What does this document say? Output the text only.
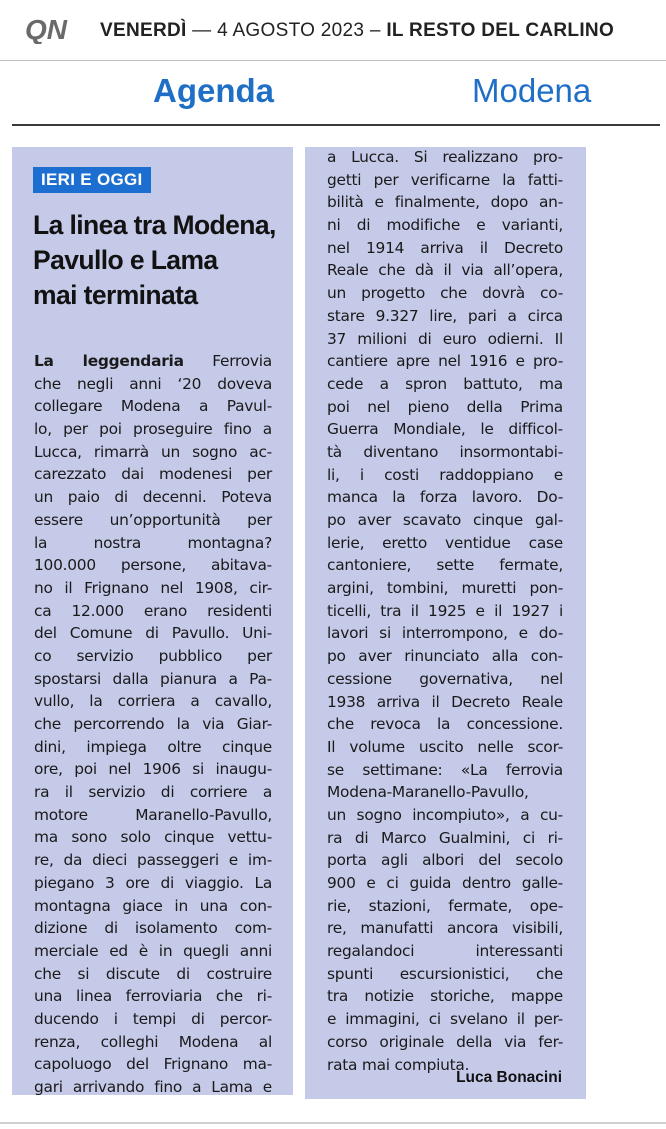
QN VENERDÌ — 4 AGOSTO 2023 – IL RESTO DEL CARLINO
Agenda	Modena
IERI E OGGI
La linea tra Modena,
Pavullo e Lama
mai terminata
La leggendaria Ferrovia
che negli anni ‘20 doveva
collegare Modena a Pavul-
lo, per poi proseguire fino a
Lucca, rimarrà un sogno ac-
carezzato dai modenesi per
un paio di decenni. Poteva
essere un’opportunità per
la nostra montagna?
100.000 persone, abitava-
no il Frignano nel 1908, cir-
ca 12.000 erano residenti
del Comune di Pavullo. Uni-
co servizio pubblico per
spostarsi dalla pianura a Pa-
vullo, la corriera a cavallo,
che percorrendo la via Giar-
dini, impiega oltre cinque
ore, poi nel 1906 si inaugu-
ra il servizio di corriere a
motore Maranello-Pavullo,
ma sono solo cinque vettu-
re, da dieci passeggeri e im-
piegano 3 ore di viaggio. La
montagna giace in una con-
dizione di isolamento com-
merciale ed è in quegli anni
che si discute di costruire
una linea ferroviaria che ri-
ducendo i tempi di percor-
renza, colleghi Modena al
capoluogo del Frignano ma-
gari arrivando fino a Lama e
a Lucca. Si realizzano pro-
getti per verificarne la fatti-
bilità e finalmente, dopo an-
ni di modifiche e varianti,
nel 1914 arriva il Decreto
Reale che dà il via all’opera,
un progetto che dovrà co-
stare 9.327 lire, pari a circa
37 milioni di euro odierni. Il
cantiere apre nel 1916 e pro-
cede a spron battuto, ma
poi nel pieno della Prima
Guerra Mondiale, le difficol-
tà diventano insormontabi-
li, i costi raddoppiano e
manca la forza lavoro. Do-
po aver scavato cinque gal-
lerie, eretto ventidue case
cantoniere, sette fermate,
argini, tombini, muretti pon-
ticelli, tra il 1925 e il 1927 i
lavori si interrompono, e do-
po aver rinunciato alla con-
cessione governativa, nel
1938 arriva il Decreto Reale
che revoca la concessione.
Il volume uscito nelle scor-
se settimane: «La ferrovia
Modena-Maranello-Pavullo,
un sogno incompiuto», a cu-
ra di Marco Gualmini, ci ri-
porta agli albori del secolo
900 e ci guida dentro galle-
rie, stazioni, fermate, ope-
re, manufatti ancora visibili,
regalandoci interessanti
spunti escursionistici, che
tra notizie storiche, mappe
e immagini, ci svelano il per-
corso originale della via fer-
rata mai compiuta.
Luca Bonacini
